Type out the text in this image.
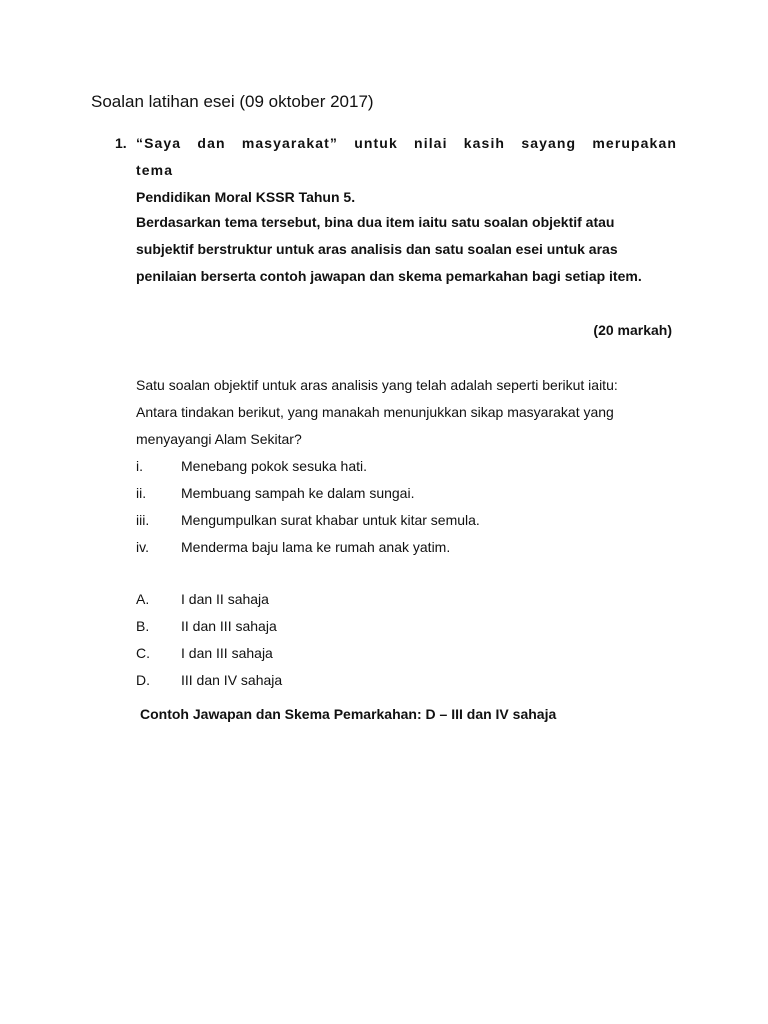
Soalan latihan esei (09 oktober 2017)
1. “Saya dan masyarakat” untuk nilai kasih sayang merupakan tema
Pendidikan Moral KSSR Tahun 5.
Berdasarkan tema tersebut, bina dua item iaitu satu soalan objektif atau
subjektif berstruktur untuk aras analisis dan satu soalan esei untuk aras
penilaian berserta contoh jawapan dan skema pemarkahan bagi setiap item.
(20 markah)
Satu soalan objektif untuk aras analisis yang telah adalah seperti berikut iaitu:
Antara tindakan berikut, yang manakah menunjukkan sikap masyarakat yang
menyayangi Alam Sekitar?
i.	Menebang pokok sesuka hati.
ii.	Membuang sampah ke dalam sungai.
iii.	Mengumpulkan surat khabar untuk kitar semula.
iv.	Menderma baju lama ke rumah anak yatim.
A.	I dan II sahaja
B.	II dan III sahaja
C.	I dan III sahaja
D.	III dan IV sahaja
Contoh Jawapan dan Skema Pemarkahan: D – III dan IV sahaja
